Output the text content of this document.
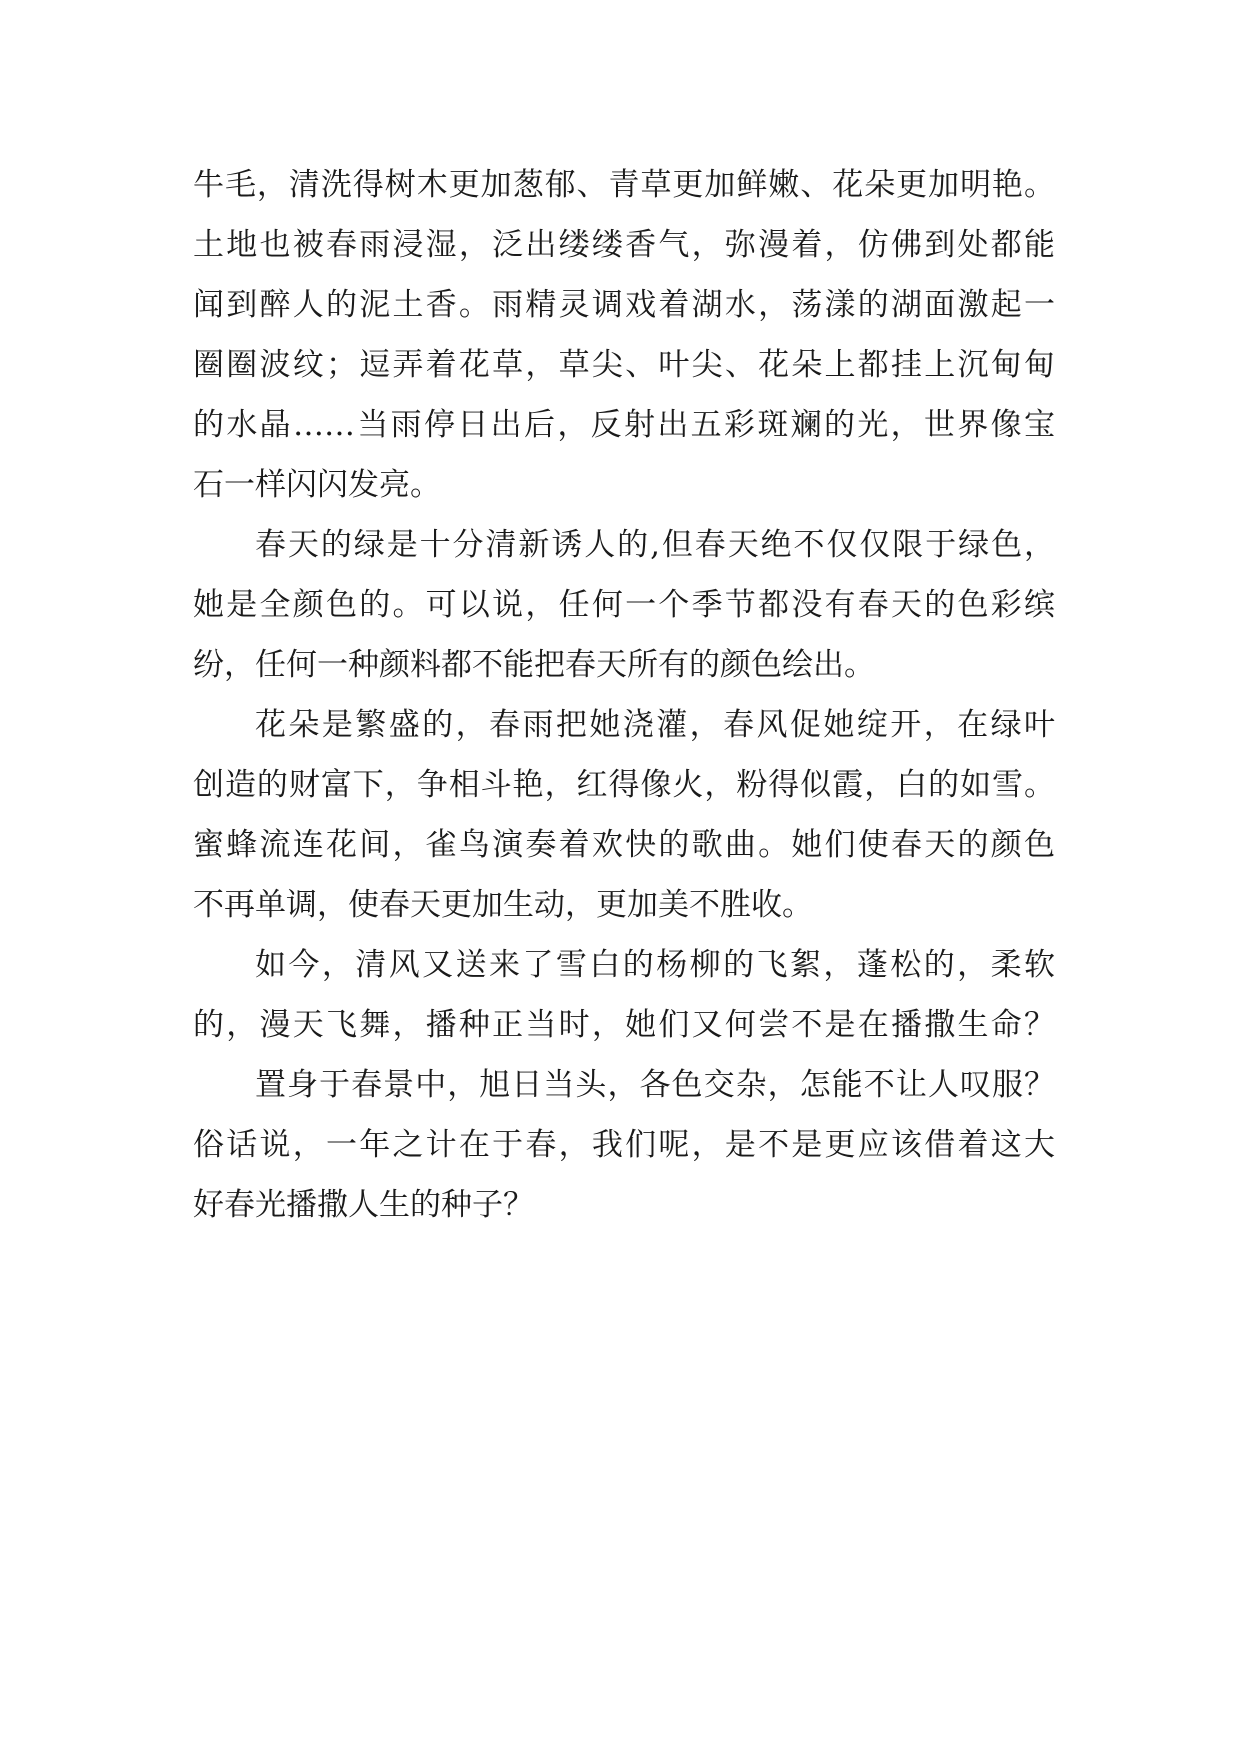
牛毛，清洗得树木更加葱郁、青草更加鲜嫩、花朵更加明艳。
土地也被春雨浸湿，泛出缕缕香气，弥漫着，仿佛到处都能
闻到醉人的泥土香。雨精灵调戏着湖水，荡漾的湖面激起一
圈圈波纹；逗弄着花草，草尖、叶尖、花朵上都挂上沉甸甸
的水晶……当雨停日出后，反射出五彩斑斓的光，世界像宝
石一样闪闪发亮。
春天的绿是十分清新诱人的,但春天绝不仅仅限于绿色，
她是全颜色的。可以说，任何一个季节都没有春天的色彩缤
纷，任何一种颜料都不能把春天所有的颜色绘出。
花朵是繁盛的，春雨把她浇灌，春风促她绽开，在绿叶
创造的财富下，争相斗艳，红得像火，粉得似霞，白的如雪。
蜜蜂流连花间，雀鸟演奏着欢快的歌曲。她们使春天的颜色
不再单调，使春天更加生动，更加美不胜收。
如今，清风又送来了雪白的杨柳的飞絮，蓬松的，柔软
的，漫天飞舞，播种正当时，她们又何尝不是在播撒生命？
置身于春景中，旭日当头，各色交杂，怎能不让人叹服？
俗话说，一年之计在于春，我们呢，是不是更应该借着这大
好春光播撒人生的种子？
